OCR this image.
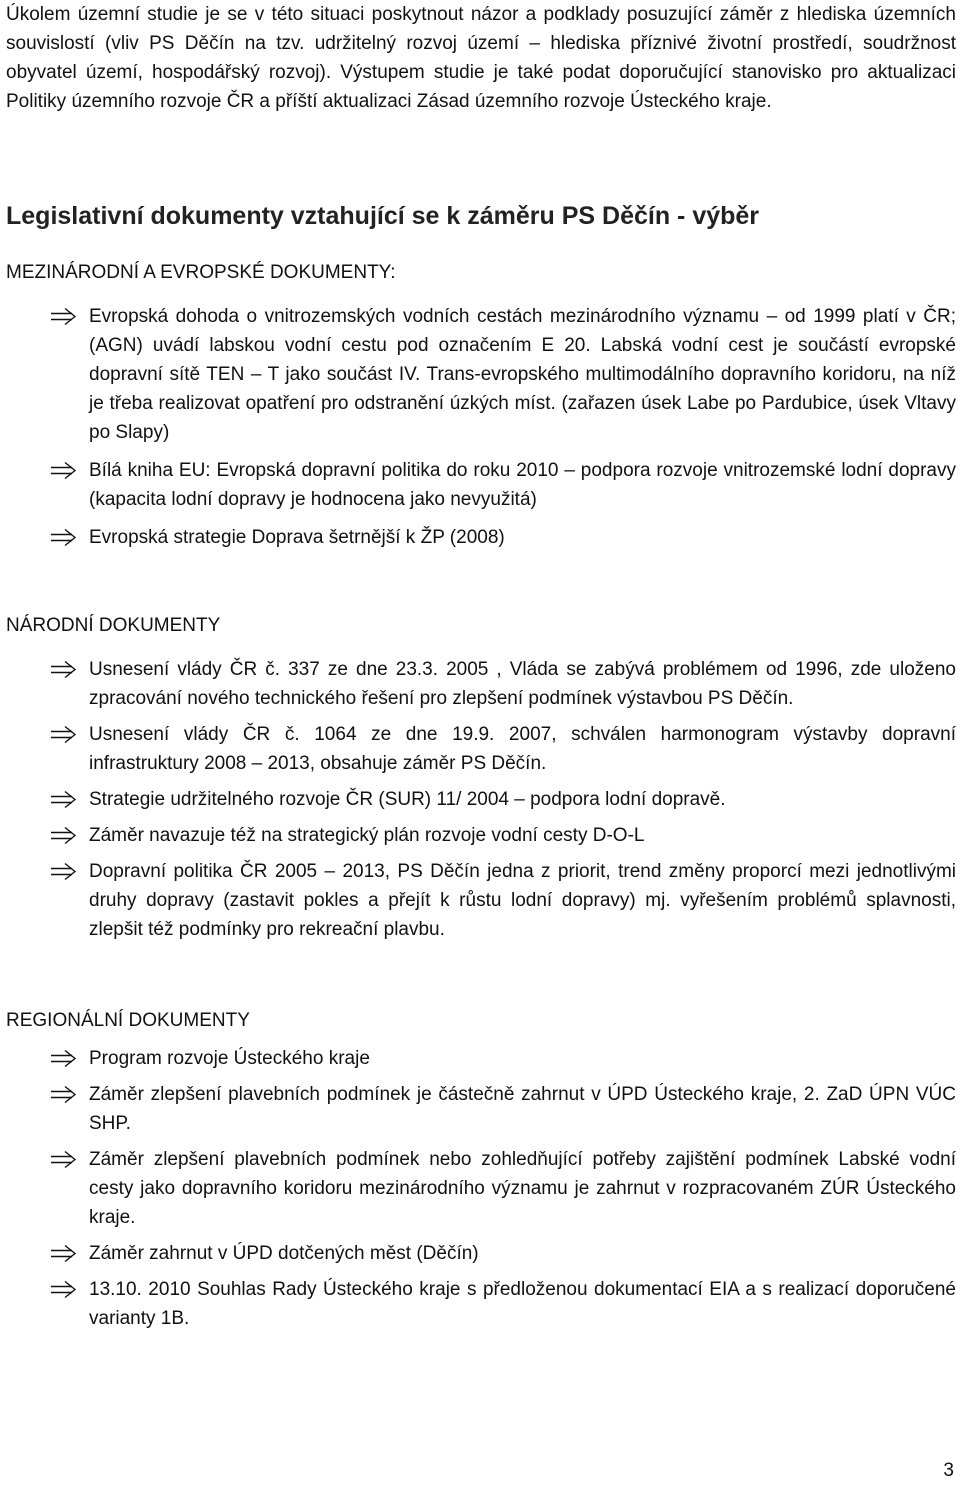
Úkolem územní studie je se v této situaci poskytnout názor a podklady posuzující záměr z hlediska územních souvislostí (vliv PS Děčín na tzv. udržitelný rozvoj území – hlediska příznivé životní prostředí, soudržnost obyvatel území, hospodářský rozvoj). Výstupem studie je také podat doporučující stanovisko pro aktualizaci Politiky územního rozvoje ČR a příští aktualizaci Zásad územního rozvoje Ústeckého kraje.

Legislativní dokumenty vztahující se k záměru PS Děčín - výběr
MEZINÁRODNÍ A EVROPSKÉ DOKUMENTY:
Evropská dohoda o vnitrozemských vodních cestách mezinárodního významu – od 1999 platí v ČR; (AGN) uvádí labskou vodní cestu pod označením E 20. Labská vodní cest je součástí evropské dopravní sítě TEN – T jako součást IV. Trans-evropského multimodálního dopravního koridoru, na níž je třeba realizovat opatření pro odstranění úzkých míst. (zařazen úsek Labe po Pardubice, úsek Vltavy po Slapy)
Bílá kniha EU: Evropská dopravní politika do roku 2010 – podpora rozvoje vnitrozemské lodní dopravy (kapacita lodní dopravy je hodnocena jako nevyužitá)
Evropská strategie Doprava šetrnější k ŽP (2008)
NÁRODNÍ DOKUMENTY
Usnesení vlády ČR č. 337 ze dne 23.3. 2005 , Vláda se zabývá problémem od 1996, zde uloženo zpracování nového technického řešení pro zlepšení podmínek výstavbou PS Děčín.
Usnesení vlády ČR č. 1064 ze dne 19.9. 2007, schválen harmonogram výstavby dopravní infrastruktury 2008 – 2013, obsahuje záměr PS Děčín.
Strategie udržitelného rozvoje ČR (SUR) 11/ 2004 – podpora lodní dopravě.
Záměr navazuje též na strategický plán rozvoje vodní cesty D-O-L
Dopravní politika ČR 2005 – 2013, PS Děčín jedna z priorit, trend změny proporcí mezi jednotlivými druhy dopravy (zastavit pokles a přejít k růstu lodní dopravy) mj. vyřešením problémů splavnosti, zlepšit též podmínky pro rekreační plavbu.
REGIONÁLNÍ DOKUMENTY
Program rozvoje Ústeckého kraje
Záměr zlepšení plavebních podmínek je částečně zahrnut v ÚPD Ústeckého kraje, 2. ZaD ÚPN VÚC SHP.
Záměr zlepšení plavebních podmínek nebo zohledňující potřeby zajištění podmínek Labské vodní cesty jako dopravního koridoru mezinárodního významu je zahrnut v rozpracovaném ZÚR Ústeckého kraje.
Záměr zahrnut v ÚPD dotčených měst (Děčín)
13.10. 2010 Souhlas Rady Ústeckého kraje s předloženou dokumentací EIA a s realizací doporučené varianty 1B.
3
